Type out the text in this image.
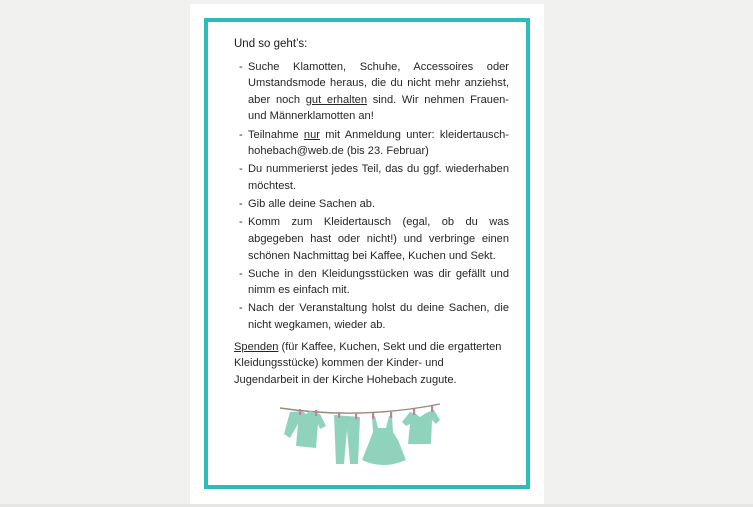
Und so geht’s:
- Suche Klamotten, Schuhe, Accessoires oder Umstandsmode heraus, die du nicht mehr anziehst, aber noch gut erhalten sind. Wir nehmen Frauen- und Männerklamotten an!
- Teilnahme nur mit Anmeldung unter: kleidertausch-hohebach@web.de (bis 23. Februar)
- Du nummerierst jedes Teil, das du ggf. wiederhaben möchtest.
- Gib alle deine Sachen ab.
- Komm zum Kleidertausch (egal, ob du was abgegeben hast oder nicht!) und verbringe einen schönen Nachmittag bei Kaffee, Kuchen und Sekt.
- Suche in den Kleidungsstücken was dir gefällt und nimm es einfach mit.
- Nach der Veranstaltung holst du deine Sachen, die nicht wegkamen, wieder ab.

Spenden (für Kaffee, Kuchen, Sekt und die ergatterten Kleidungsstücke) kommen der Kinder- und Jugendarbeit in der Kirche Hohebach zugute.
